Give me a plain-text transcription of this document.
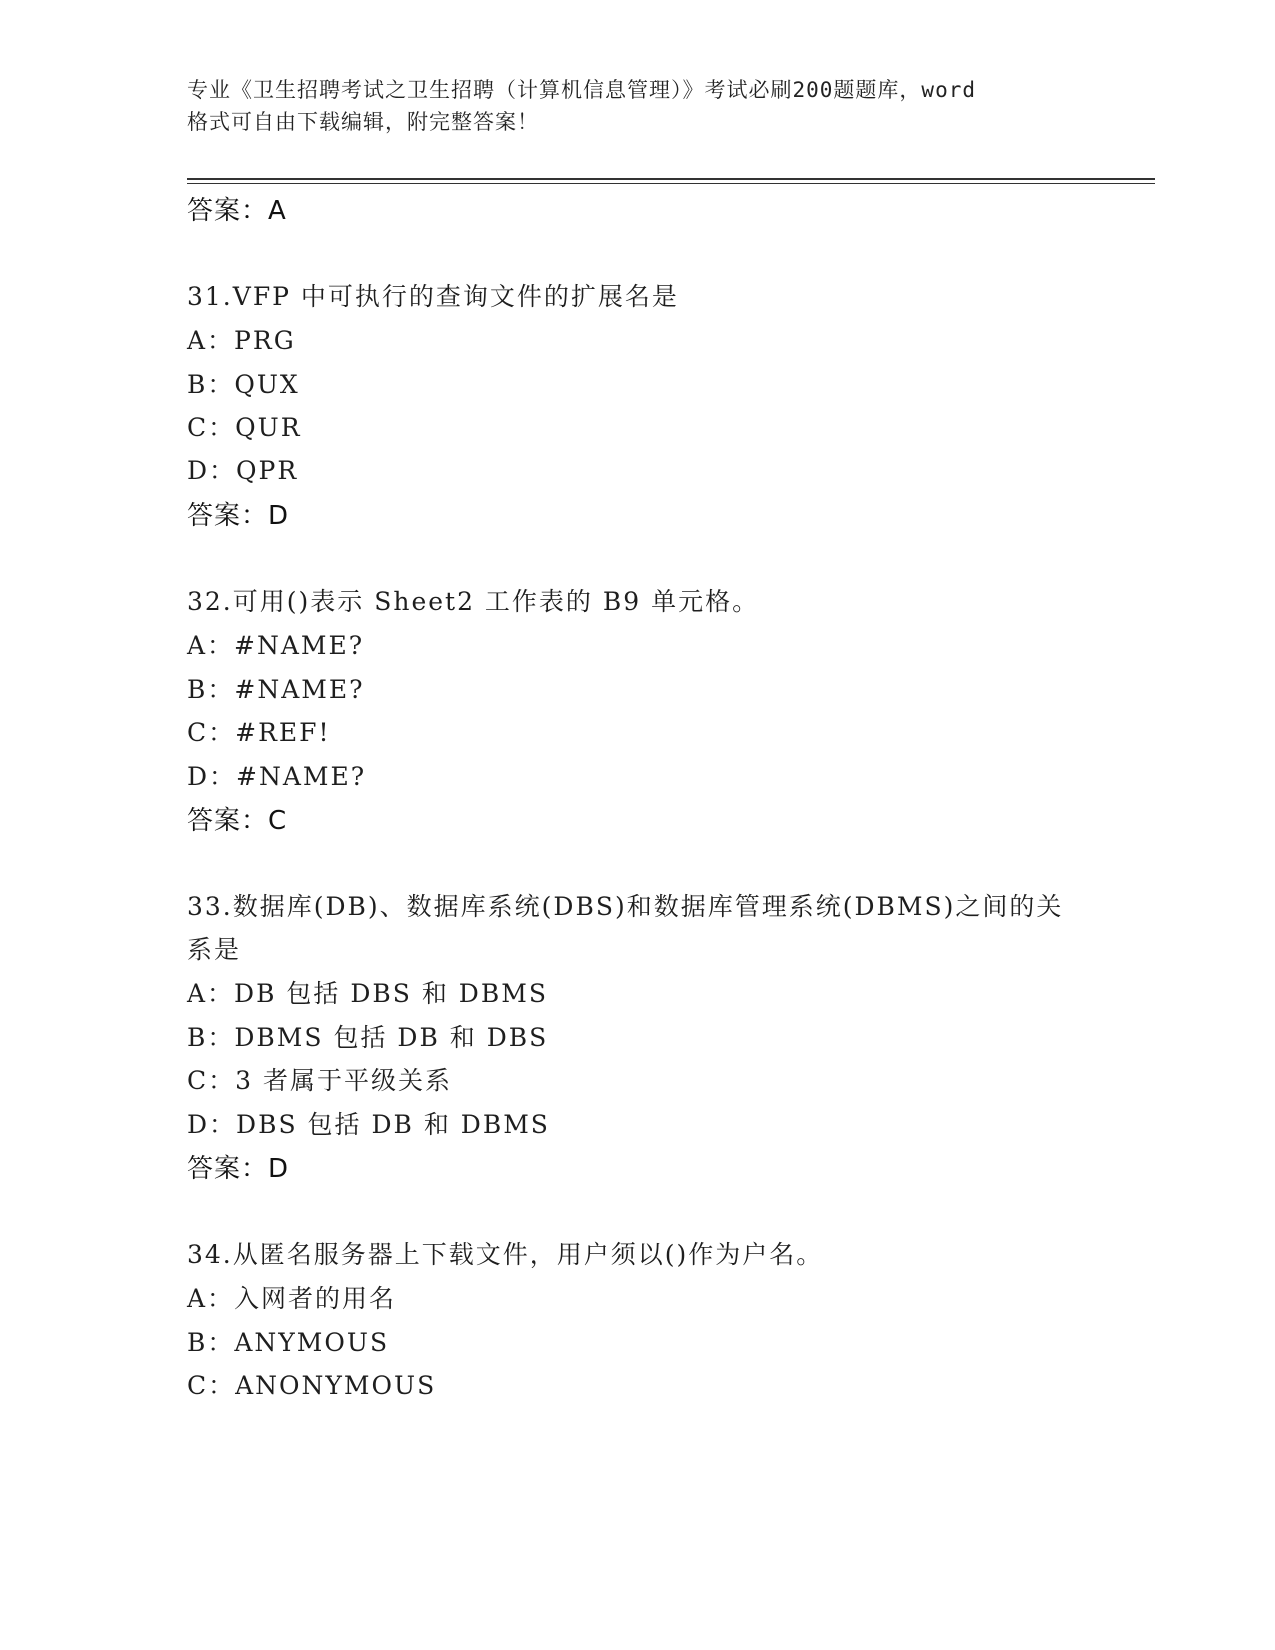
专业《卫生招聘考试之卫生招聘（计算机信息管理）》考试必刷200题题库，word
格式可自由下载编辑，附完整答案！
答案：A
31.VFP 中可执行的查询文件的扩展名是
A：PRG
B：QUX
C：QUR
D：QPR
答案：D
32.可用()表示 Sheet2 工作表的 B9 单元格。
A：#NAME?
B：#NAME?
C：#REF!
D：#NAME?
答案：C
33.数据库(DB)、数据库系统(DBS)和数据库管理系统(DBMS)之间的关
系是
A：DB 包括 DBS 和 DBMS
B：DBMS 包括 DB 和 DBS
C：3 者属于平级关系
D：DBS 包括 DB 和 DBMS
答案：D
34.从匿名服务器上下载文件，用户须以()作为户名。
A：入网者的用名
B：ANYMOUS
C：ANONYMOUS
